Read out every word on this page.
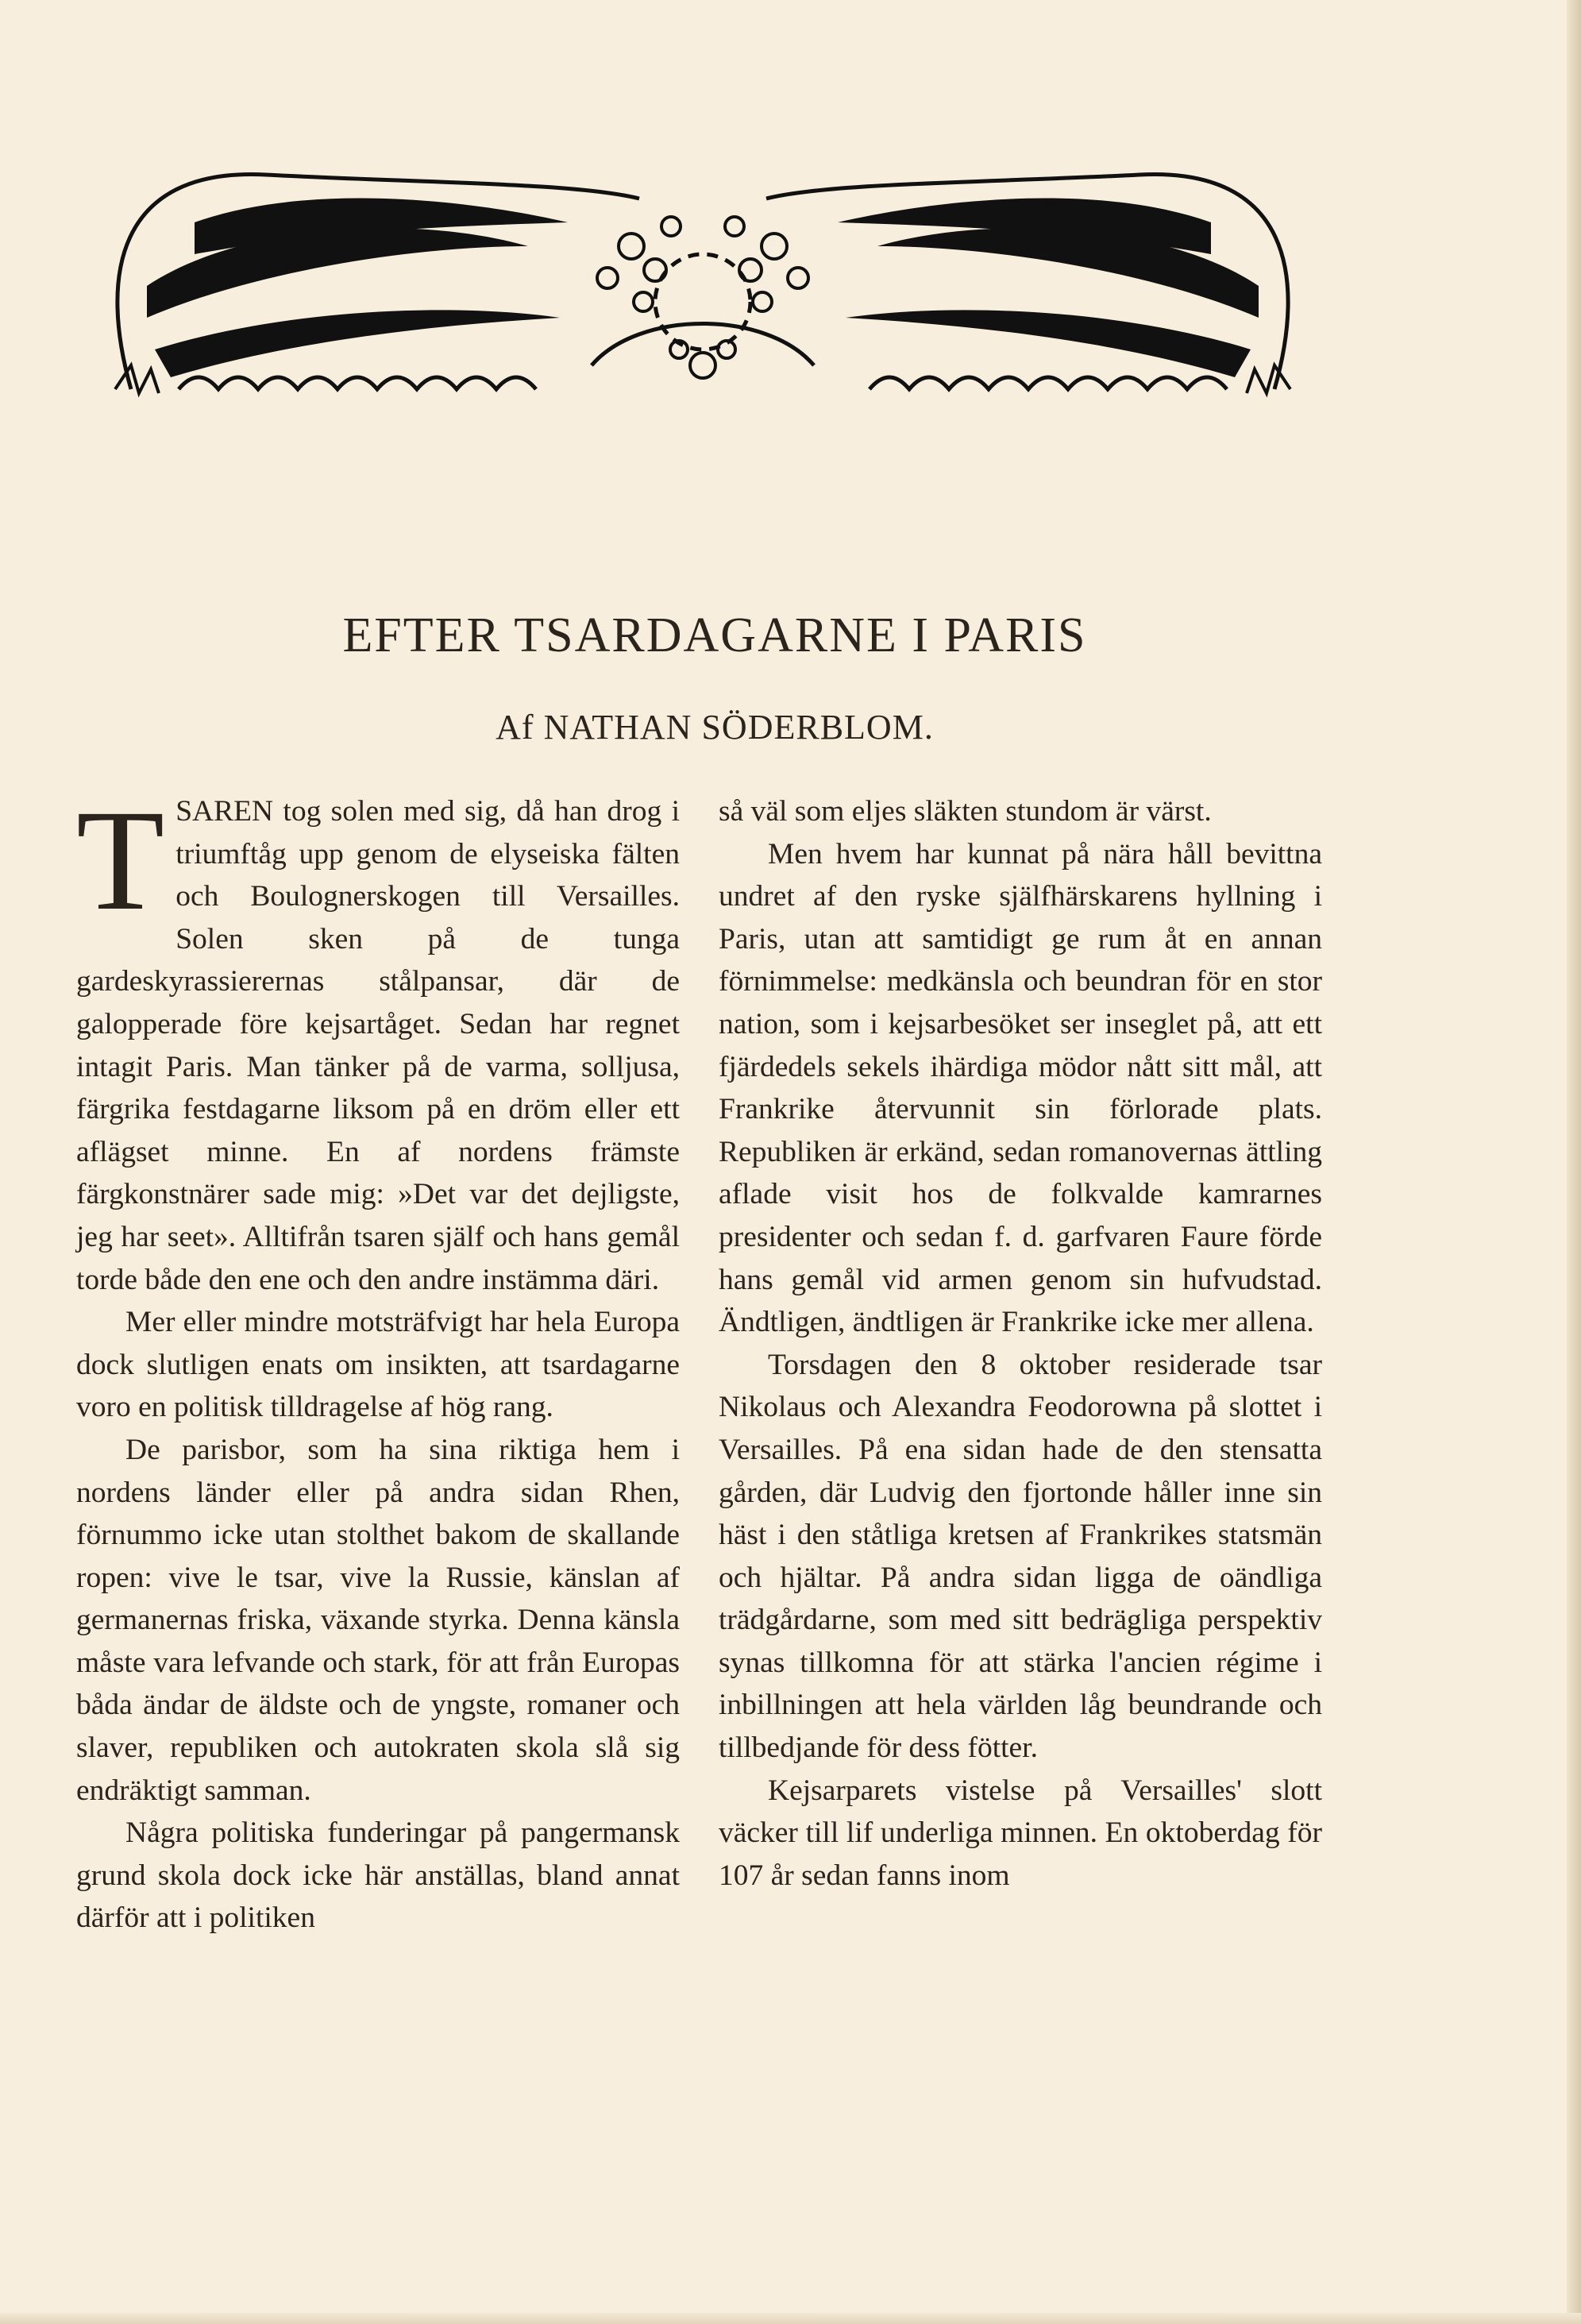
EFTER TSARDAGARNE I PARIS
Af NATHAN SÖDERBLOM.

TSAREN tog solen med sig, då han drog i triumftåg upp genom de elyseiska fälten och Boulognerskogen till Versailles. Solen sken på de tunga gardeskyrassierernas stålpansar, där de galopperade före kejsartåget. Sedan har regnet intagit Paris. Man tänker på de varma, solljusa, färgrika festdagarne liksom på en dröm eller ett aflägset minne. En af nordens främste färgkonstnärer sade mig: »Det var det dejligste, jeg har seet». Alltifrån tsaren själf och hans gemål torde både den ene och den andre instämma däri.

Mer eller mindre motsträfvigt har hela Europa dock slutligen enats om insikten, att tsardagarne voro en politisk tilldragelse af hög rang.

De parisbor, som ha sina riktiga hem i nordens länder eller på andra sidan Rhen, förnummo icke utan stolthet bakom de skallande ropen: vive le tsar, vive la Russie, känslan af germanernas friska, växande styrka. Denna känsla måste vara lefvande och stark, för att från Europas båda ändar de äldste och de yngste, romaner och slaver, republiken och autokraten skola slå sig endräktigt samman.

Några politiska funderingar på pangermansk grund skola dock icke här anställas, bland annat därför att i politiken

så väl som eljes släkten stundom är värst.

Men hvem har kunnat på nära håll bevittna undret af den ryske själfhärskarens hyllning i Paris, utan att samtidigt ge rum åt en annan förnimmelse: medkänsla och beundran för en stor nation, som i kejsarbesöket ser inseglet på, att ett fjärdedels sekels ihärdiga mödor nått sitt mål, att Frankrike återvunnit sin förlorade plats. Republiken är erkänd, sedan romanovernas ättling aflade visit hos de folkvalde kamrarnes presidenter och sedan f. d. garfvaren Faure förde hans gemål vid armen genom sin hufvudstad. Ändtligen, ändtligen är Frankrike icke mer allena.

Torsdagen den 8 oktober residerade tsar Nikolaus och Alexandra Feodorowna på slottet i Versailles. På ena sidan hade de den stensatta gården, där Ludvig den fjortonde håller inne sin häst i den ståtliga kretsen af Frankrikes statsmän och hjältar. På andra sidan ligga de oändliga trädgårdarne, som med sitt bedrägliga perspektiv synas tillkomna för att stärka l'ancien régime i inbillningen att hela världen låg beundrande och tillbedjande för dess fötter.

Kejsarparets vistelse på Versailles' slott väcker till lif underliga minnen. En oktoberdag för 107 år sedan fanns inom
